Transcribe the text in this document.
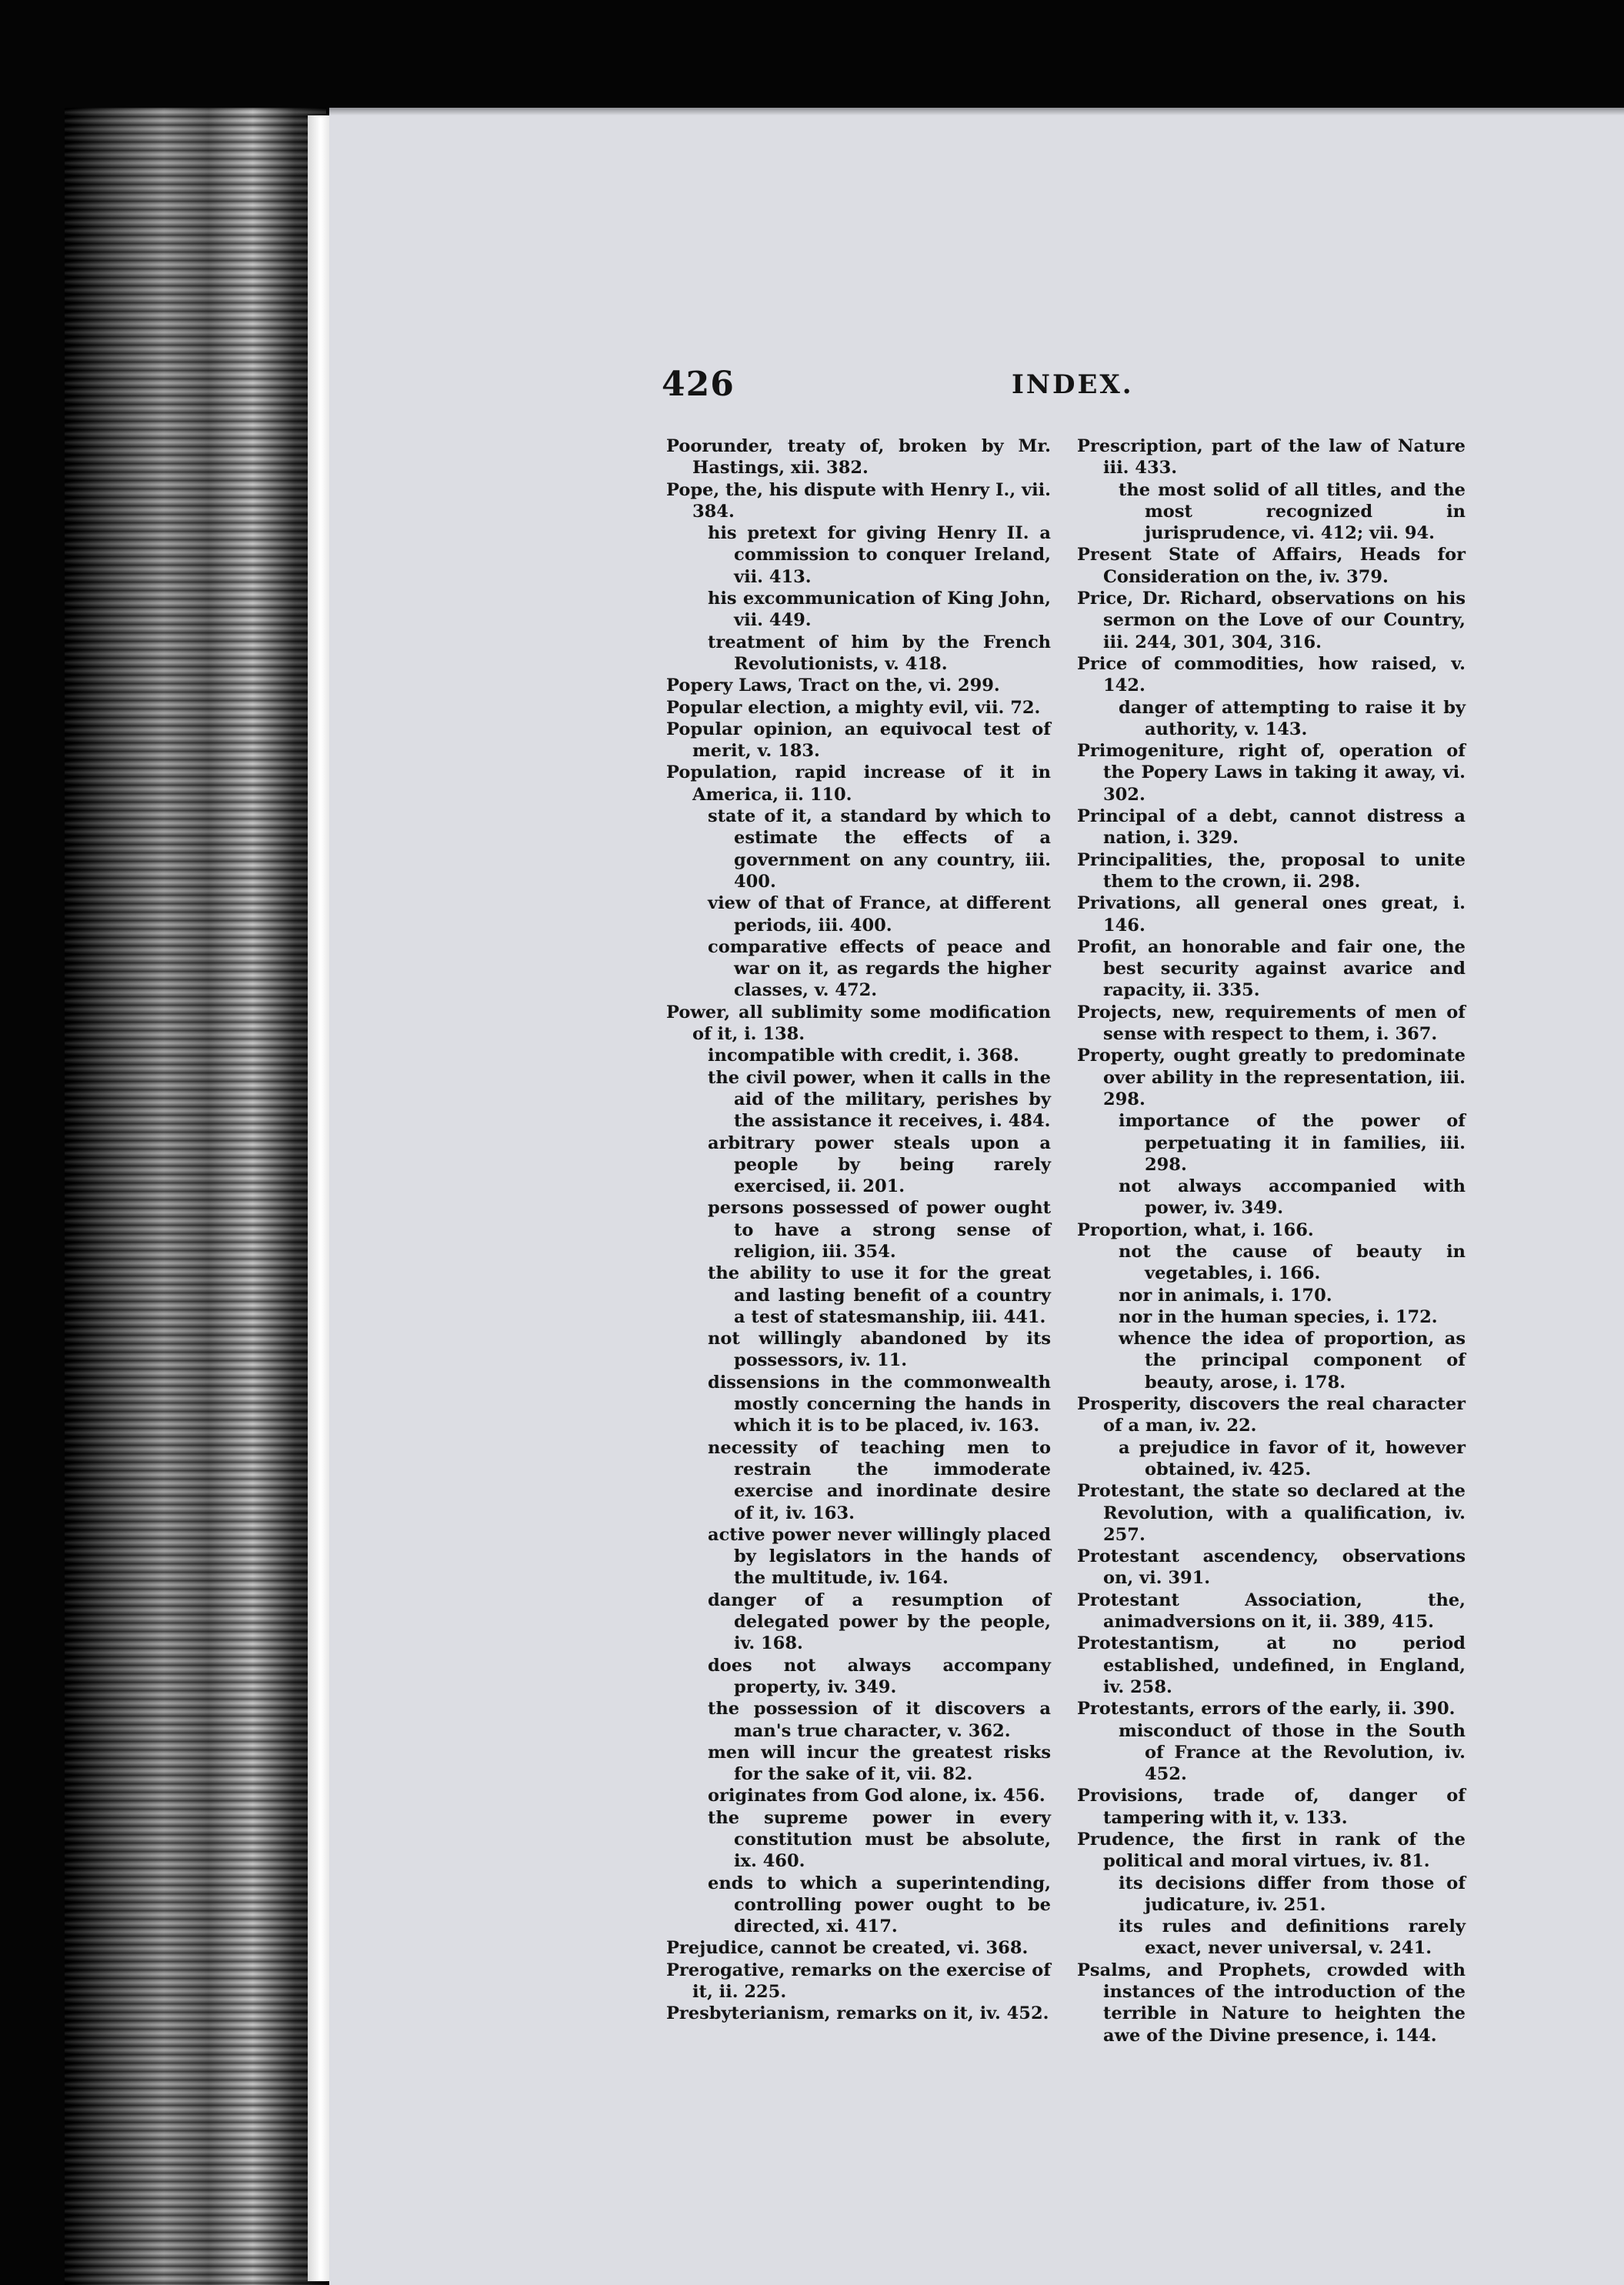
426	INDEX.
Poorunder, treaty of, broken by Mr. Hastings, xii. 382.
Pope, the, his dispute with Henry I., vii. 384.
his pretext for giving Henry II. a commission to conquer Ireland, vii. 413.
his excommunication of King John, vii. 449.
treatment of him by the French Revolutionists, v. 418.
Popery Laws, Tract on the, vi. 299.
Popular election, a mighty evil, vii. 72.
Popular opinion, an equivocal test of merit, v. 183.
Population, rapid increase of it in America, ii. 110.
state of it, a standard by which to estimate the effects of a government on any country, iii. 400.
view of that of France, at different periods, iii. 400.
comparative effects of peace and war on it, as regards the higher classes, v. 472.
Power, all sublimity some modification of it, i. 138.
incompatible with credit, i. 368.
the civil power, when it calls in the aid of the military, perishes by the assistance it receives, i. 484.
arbitrary power steals upon a people by being rarely exercised, ii. 201.
persons possessed of power ought to have a strong sense of religion, iii. 354.
the ability to use it for the great and lasting benefit of a country a test of statesmanship, iii. 441.
not willingly abandoned by its possessors, iv. 11.
dissensions in the commonwealth mostly concerning the hands in which it is to be placed, iv. 163.
necessity of teaching men to restrain the immoderate exercise and inordinate desire of it, iv. 163.
active power never willingly placed by legislators in the hands of the multitude, iv. 164.
danger of a resumption of delegated power by the people, iv. 168.
does not always accompany property, iv. 349.
the possession of it discovers a man's true character, v. 362.
men will incur the greatest risks for the sake of it, vii. 82.
originates from God alone, ix. 456.
the supreme power in every constitution must be absolute, ix. 460.
ends to which a superintending, controlling power ought to be directed, xi. 417.
Prejudice, cannot be created, vi. 368.
Prerogative, remarks on the exercise of it, ii. 225.
Presbyterianism, remarks on it, iv. 452.
Prescription, part of the law of Nature iii. 433.
the most solid of all titles, and the most recognized in jurisprudence, vi. 412; vii. 94.
Present State of Affairs, Heads for Consideration on the, iv. 379.
Price, Dr. Richard, observations on his sermon on the Love of our Country, iii. 244, 301, 304, 316.
Price of commodities, how raised, v. 142.
danger of attempting to raise it by authority, v. 143.
Primogeniture, right of, operation of the Popery Laws in taking it away, vi. 302.
Principal of a debt, cannot distress a nation, i. 329.
Principalities, the, proposal to unite them to the crown, ii. 298.
Privations, all general ones great, i. 146.
Profit, an honorable and fair one, the best security against avarice and rapacity, ii. 335.
Projects, new, requirements of men of sense with respect to them, i. 367.
Property, ought greatly to predominate over ability in the representation, iii. 298.
importance of the power of perpetuating it in families, iii. 298.
not always accompanied with power, iv. 349.
Proportion, what, i. 166.
not the cause of beauty in vegetables, i. 166.
nor in animals, i. 170.
nor in the human species, i. 172.
whence the idea of proportion, as the principal component of beauty, arose, i. 178.
Prosperity, discovers the real character of a man, iv. 22.
a prejudice in favor of it, however obtained, iv. 425.
Protestant, the state so declared at the Revolution, with a qualification, iv. 257.
Protestant ascendency, observations on, vi. 391.
Protestant Association, the, animadversions on it, ii. 389, 415.
Protestantism, at no period established, undefined, in England, iv. 258.
Protestants, errors of the early, ii. 390.
misconduct of those in the South of France at the Revolution, iv. 452.
Provisions, trade of, danger of tampering with it, v. 133.
Prudence, the first in rank of the political and moral virtues, iv. 81.
its decisions differ from those of judicature, iv. 251.
its rules and definitions rarely exact, never universal, v. 241.
Psalms, and Prophets, crowded with instances of the introduction of the terrible in Nature to heighten the awe of the Divine presence, i. 144.
